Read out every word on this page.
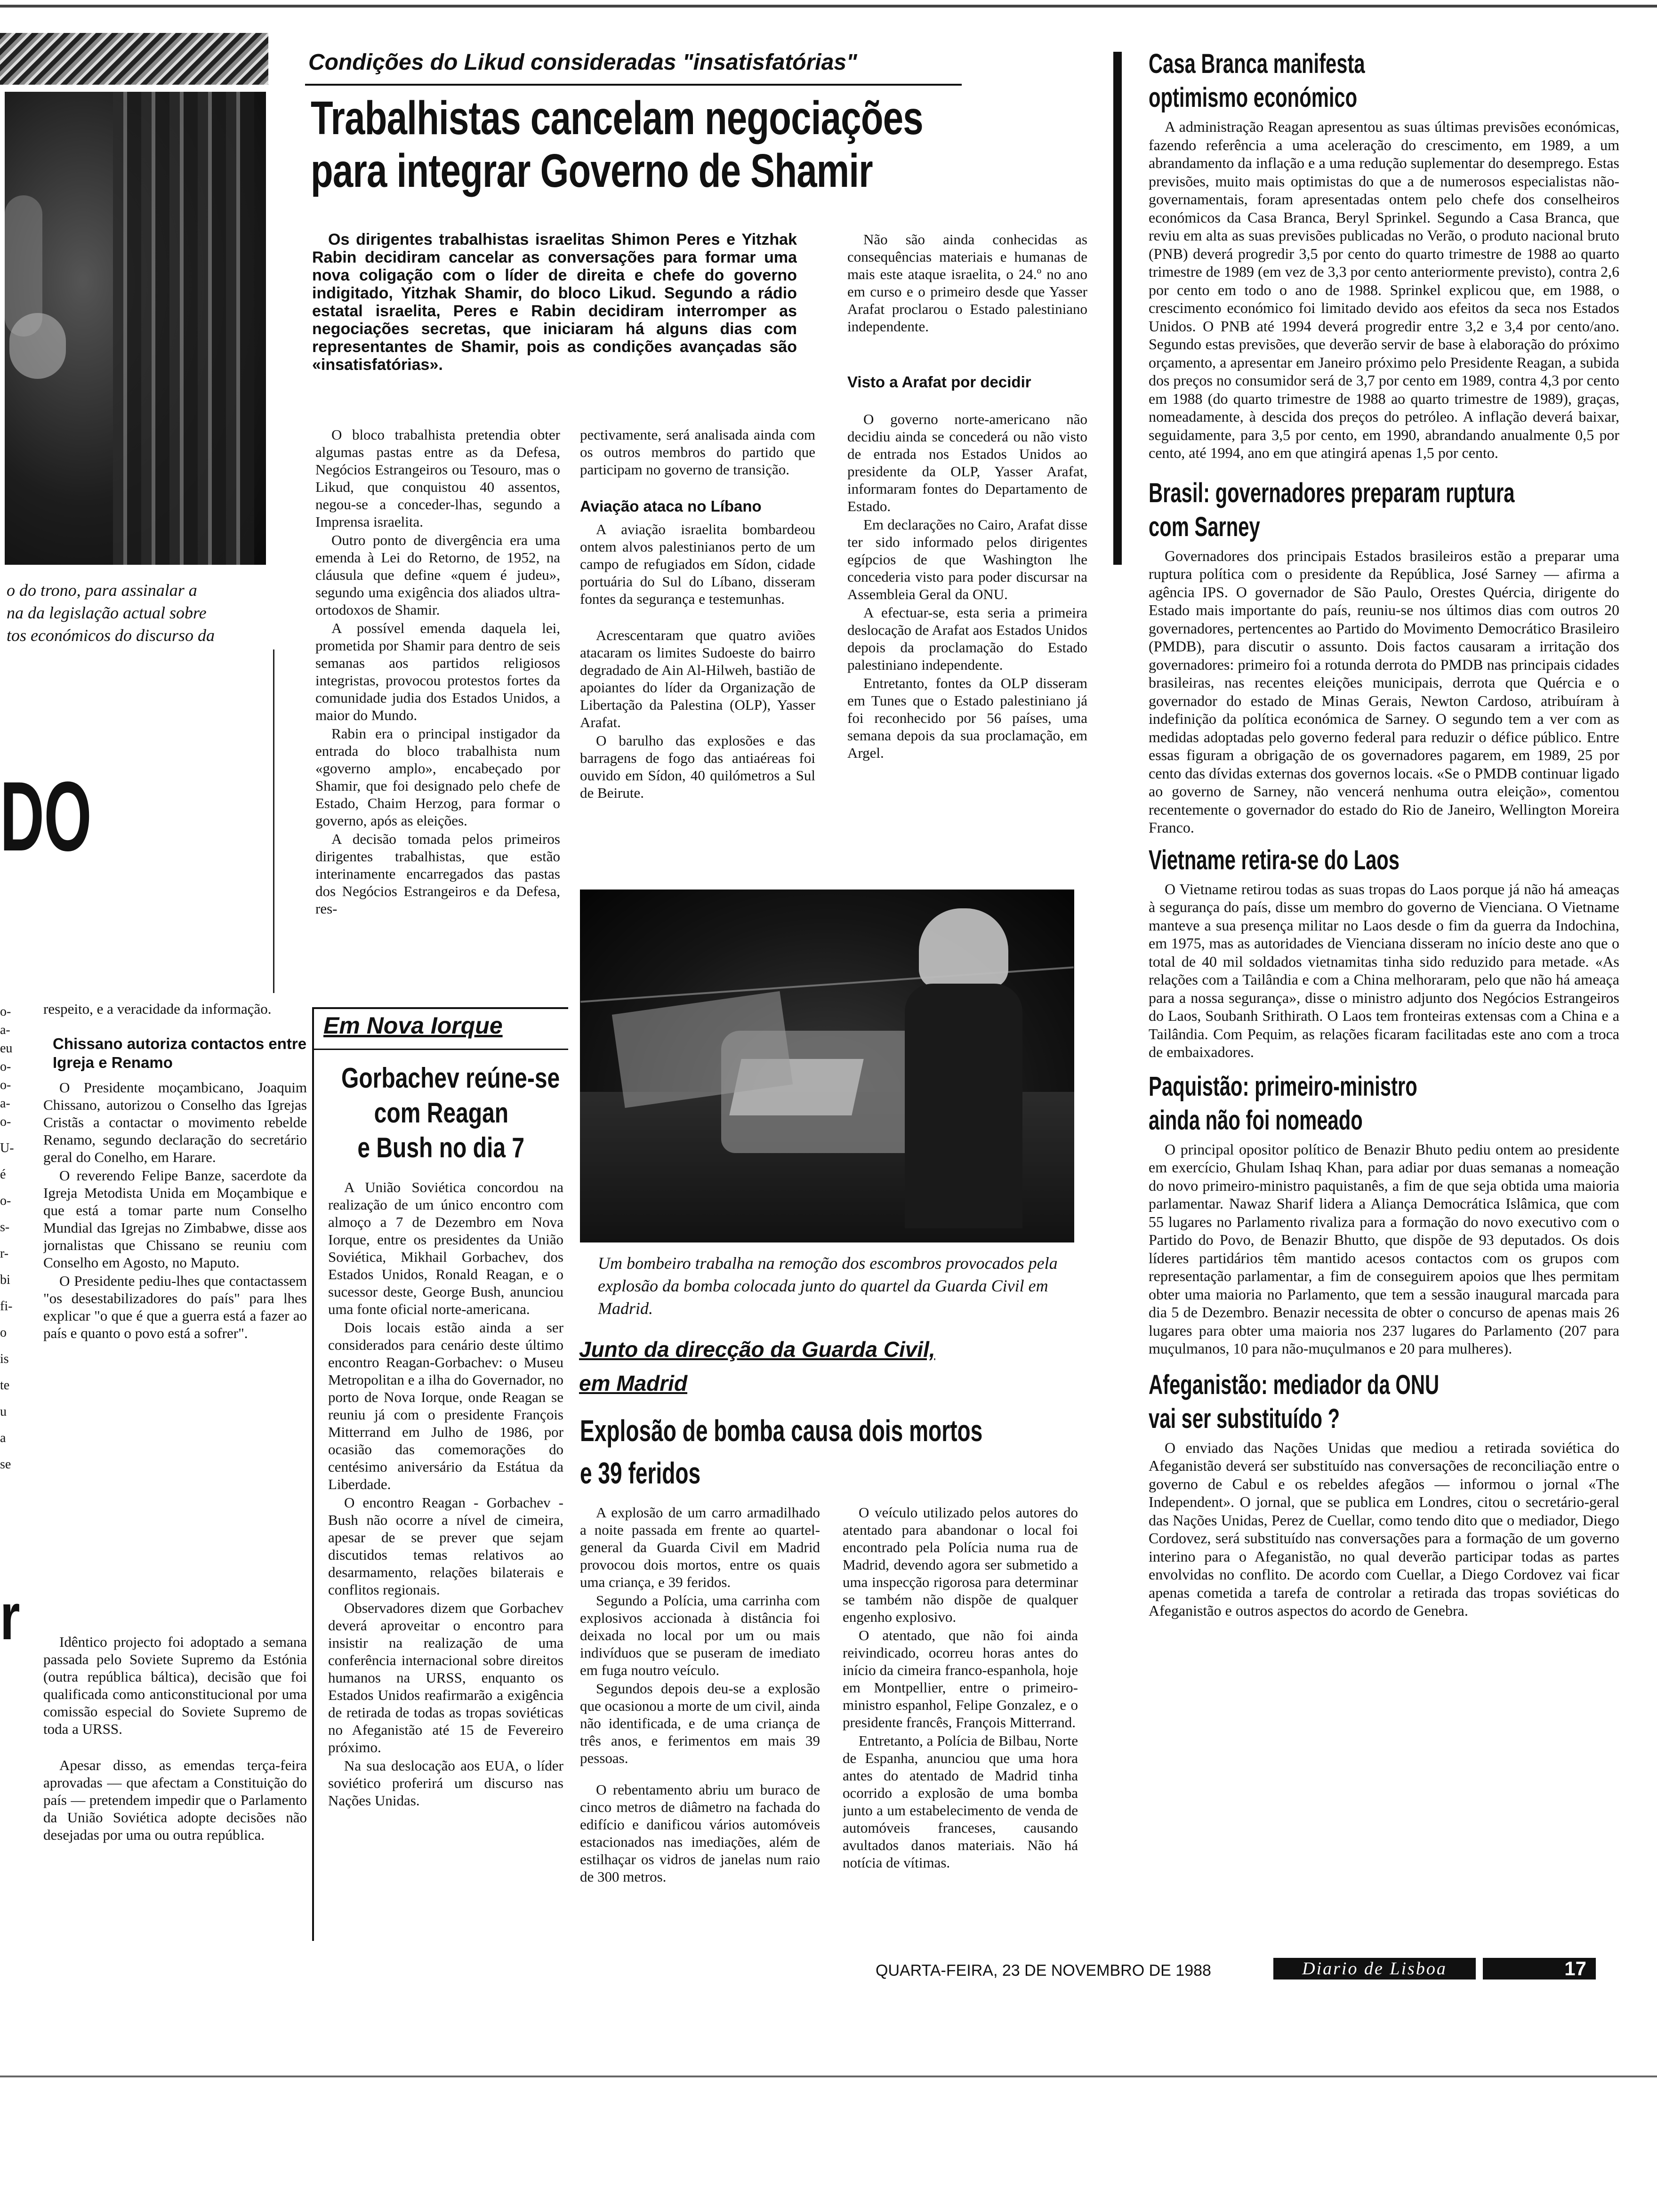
o do trono, para assinalar a
na da legislação actual sobre
tos económicos do discurso da
DO
r
o-
a-
eu
o-
o-
a-
o-
U-
é
o-
s-
r-
bi
fi-
o
is
te
u
a
se

respeito, e a veracidade da informação.

Chissano autoriza contactos entre Igreja e Renamo

O Presidente moçambicano, Joaquim Chissano, autorizou o Conselho das Igrejas Cristãs a contactar o movimento rebelde Renamo, segundo declaração do secretário geral do Conelho, em Harare.

O reverendo Felipe Banze, sacerdote da Igreja Metodista Unida em Moçambique e que está a tomar parte num Conselho Mundial das Igrejas no Zimbabwe, disse aos jornalistas que Chissano se reuniu com Conselho em Agosto, no Maputo.

O Presidente pediu-lhes que contactassem "os desestabilizadores do país" para lhes explicar "o que é que a guerra está a fazer ao país e quanto o povo está a sofrer".

Idêntico projecto foi adoptado a semana passada pelo Soviete Supremo da Estónia (outra república báltica), decisão que foi qualificada como anticonstitucional por uma comissão especial do Soviete Supremo de toda a URSS.

Apesar disso, as emendas terça-feira aprovadas — que afectam a Constituição do país — pretendem impedir que o Parlamento da União Soviética adopte decisões não desejadas por uma ou outra república.

Condições do Likud consideradas "insatisfatórias"
Trabalhistas cancelam negociações
para integrar Governo de Shamir

Os dirigentes trabalhistas israelitas Shimon Peres e Yitzhak Rabin decidiram cancelar as conversações para formar uma nova coligação com o líder de direita e chefe do governo indigitado, Yitzhak Shamir, do bloco Likud. Segundo a rádio estatal israelita, Peres e Rabin decidiram interromper as negociações secretas, que iniciaram há alguns dias com representantes de Shamir, pois as condições avançadas são «insatisfatórias».

O bloco trabalhista pretendia obter algumas pastas entre as da Defesa, Negócios Estrangeiros ou Tesouro, mas o Likud, que conquistou 40 assentos, negou-se a conceder-lhas, segundo a Imprensa israelita.

Outro ponto de divergência era uma emenda à Lei do Retorno, de 1952, na cláusula que define «quem é judeu», segundo uma exigência dos aliados ultra-ortodoxos de Shamir.

A possível emenda daquela lei, prometida por Shamir para dentro de seis semanas aos partidos religiosos integristas, provocou protestos fortes da comunidade judia dos Estados Unidos, a maior do Mundo.

Rabin era o principal instigador da entrada do bloco trabalhista num «governo amplo», encabeçado por Shamir, que foi designado pelo chefe de Estado, Chaim Herzog, para formar o governo, após as eleições.

A decisão tomada pelos primeiros dirigentes trabalhistas, que estão interinamente encarregados das pastas dos Negócios Estrangeiros e da Defesa, res-

pectivamente, será analisada ainda com os outros membros do partido que participam no governo de transição.

Aviação ataca no Líbano

A aviação israelita bombardeou ontem alvos palestinianos perto de um campo de refugiados em Sídon, cidade portuária do Sul do Líbano, disseram fontes da segurança e testemunhas.

Acrescentaram que quatro aviões atacaram os limites Sudoeste do bairro degradado de Ain Al-Hilweh, bastião de apoiantes do líder da Organização de Libertação da Palestina (OLP), Yasser Arafat.

O barulho das explosões e das barragens de fogo das antiaéreas foi ouvido em Sídon, 40 quilómetros a Sul de Beirute.

Não são ainda conhecidas as consequências materiais e humanas de mais este ataque israelita, o 24.º no ano em curso e o primeiro desde que Yasser Arafat proclarou o Estado palestiniano independente.

Visto a Arafat por decidir

O governo norte-americano não decidiu ainda se concederá ou não visto de entrada nos Estados Unidos ao presidente da OLP, Yasser Arafat, informaram fontes do Departamento de Estado.

Em declarações no Cairo, Arafat disse ter sido informado pelos dirigentes egípcios de que Washington lhe concederia visto para poder discursar na Assembleia Geral da ONU.

A efectuar-se, esta seria a primeira deslocação de Arafat aos Estados Unidos depois da proclamação do Estado palestiniano independente.

Entretanto, fontes da OLP disseram em Tunes que o Estado palestiniano já foi reconhecido por 56 países, uma semana depois da sua proclamação, em Argel.

Em Nova Iorque
Gorbachev reúne-se
com Reagan
e Bush no dia 7

A União Soviética concordou na realização de um único encontro com almoço a 7 de Dezembro em Nova Iorque, entre os presidentes da União Soviética, Mikhail Gorbachev, dos Estados Unidos, Ronald Reagan, e o sucessor deste, George Bush, anunciou uma fonte oficial norte-americana.

Dois locais estão ainda a ser considerados para cenário deste último encontro Reagan-Gorbachev: o Museu Metropolitan e a ilha do Governador, no porto de Nova Iorque, onde Reagan se reuniu já com o presidente François Mitterrand em Julho de 1986, por ocasião das comemorações do centésimo aniversário da Estátua da Liberdade.

O encontro Reagan - Gorbachev - Bush não ocorre a nível de cimeira, apesar de se prever que sejam discutidos temas relativos ao desarmamento, relações bilaterais e conflitos regionais.

Observadores dizem que Gorbachev deverá aproveitar o encontro para insistir na realização de uma conferência internacional sobre direitos humanos na URSS, enquanto os Estados Unidos reafirmarão a exigência de retirada de todas as tropas soviéticas no Afeganistão até 15 de Fevereiro próximo.

Na sua deslocação aos EUA, o líder soviético proferirá um discurso nas Nações Unidas.

Um bombeiro trabalha na remoção dos escombros provocados pela explosão da bomba colocada junto do quartel da Guarda Civil em Madrid.

Junto da direcção da Guarda Civil,
em Madrid
Explosão de bomba causa dois mortos
e 39 feridos

A explosão de um carro armadilhado a noite passada em frente ao quartel-general da Guarda Civil em Madrid provocou dois mortos, entre os quais uma criança, e 39 feridos.

Segundo a Polícia, uma carrinha com explosivos accionada à distância foi deixada no local por um ou mais indivíduos que se puseram de imediato em fuga noutro veículo.

Segundos depois deu-se a explosão que ocasionou a morte de um civil, ainda não identificada, e de uma criança de três anos, e ferimentos em mais 39 pessoas.

O rebentamento abriu um buraco de cinco metros de diâmetro na fachada do edifício e danificou vários automóveis estacionados nas imediações, além de estilhaçar os vidros de janelas num raio de 300 metros.

O veículo utilizado pelos autores do atentado para abandonar o local foi encontrado pela Polícia numa rua de Madrid, devendo agora ser submetido a uma inspecção rigorosa para determinar se também não dispõe de qualquer engenho explosivo.

O atentado, que não foi ainda reivindicado, ocorreu horas antes do início da cimeira franco-espanhola, hoje em Montpellier, entre o primeiro-ministro espanhol, Felipe Gonzalez, e o presidente francês, François Mitterrand.

Entretanto, a Polícia de Bilbau, Norte de Espanha, anunciou que uma hora antes do atentado de Madrid tinha ocorrido a explosão de uma bomba junto a um estabelecimento de venda de automóveis franceses, causando avultados danos materiais. Não há notícia de vítimas.

Casa Branca manifesta
optimismo económico

A administração Reagan apresentou as suas últimas previsões económicas, fazendo referência a uma aceleração do crescimento, em 1989, a um abrandamento da inflação e a uma redução suplementar do desemprego. Estas previsões, muito mais optimistas do que a de numerosos especialistas não-governamentais, foram apresentadas ontem pelo chefe dos conselheiros económicos da Casa Branca, Beryl Sprinkel. Segundo a Casa Branca, que reviu em alta as suas previsões publicadas no Verão, o produto nacional bruto (PNB) deverá progredir 3,5 por cento do quarto trimestre de 1988 ao quarto trimestre de 1989 (em vez de 3,3 por cento anteriormente previsto), contra 2,6 por cento em todo o ano de 1988. Sprinkel explicou que, em 1988, o crescimento económico foi limitado devido aos efeitos da seca nos Estados Unidos. O PNB até 1994 deverá progredir entre 3,2 e 3,4 por cento/ano. Segundo estas previsões, que deverão servir de base à elaboração do próximo orçamento, a apresentar em Janeiro próximo pelo Presidente Reagan, a subida dos preços no consumidor será de 3,7 por cento em 1989, contra 4,3 por cento em 1988 (do quarto trimestre de 1988 ao quarto trimestre de 1989), graças, nomeadamente, à descida dos preços do petróleo. A inflação deverá baixar, seguidamente, para 3,5 por cento, em 1990, abrandando anualmente 0,5 por cento, até 1994, ano em que atingirá apenas 1,5 por cento.

Brasil: governadores preparam ruptura
com Sarney

Governadores dos principais Estados brasileiros estão a preparar uma ruptura política com o presidente da República, José Sarney — afirma a agência IPS. O governador de São Paulo, Orestes Quércia, dirigente do Estado mais importante do país, reuniu-se nos últimos dias com outros 20 governadores, pertencentes ao Partido do Movimento Democrático Brasileiro (PMDB), para discutir o assunto. Dois factos causaram a irritação dos governadores: primeiro foi a rotunda derrota do PMDB nas principais cidades brasileiras, nas recentes eleições municipais, derrota que Quércia e o governador do estado de Minas Gerais, Newton Cardoso, atribuíram à indefinição da política económica de Sarney. O segundo tem a ver com as medidas adoptadas pelo governo federal para reduzir o défice público. Entre essas figuram a obrigação de os governadores pagarem, em 1989, 25 por cento das dívidas externas dos governos locais. «Se o PMDB continuar ligado ao governo de Sarney, não vencerá nenhuma outra eleição», comentou recentemente o governador do estado do Rio de Janeiro, Wellington Moreira Franco.

Vietname retira-se do Laos

O Vietname retirou todas as suas tropas do Laos porque já não há ameaças à segurança do país, disse um membro do governo de Vienciana. O Vietname manteve a sua presença militar no Laos desde o fim da guerra da Indochina, em 1975, mas as autoridades de Vienciana disseram no início deste ano que o total de 40 mil soldados vietnamitas tinha sido reduzido para metade. «As relações com a Tailândia e com a China melhoraram, pelo que não há ameaça para a nossa segurança», disse o ministro adjunto dos Negócios Estrangeiros do Laos, Soubanh Srithirath. O Laos tem fronteiras extensas com a China e a Tailândia. Com Pequim, as relações ficaram facilitadas este ano com a troca de embaixadores.

Paquistão: primeiro-ministro
ainda não foi nomeado

O principal opositor político de Benazir Bhuto pediu ontem ao presidente em exercício, Ghulam Ishaq Khan, para adiar por duas semanas a nomeação do novo primeiro-ministro paquistanês, a fim de que seja obtida uma maioria parlamentar. Nawaz Sharif lidera a Aliança Democrática Islâmica, que com 55 lugares no Parlamento rivaliza para a formação do novo executivo com o Partido do Povo, de Benazir Bhutto, que dispõe de 93 deputados. Os dois líderes partidários têm mantido acesos contactos com os grupos com representação parlamentar, a fim de conseguirem apoios que lhes permitam obter uma maioria no Parlamento, que tem a sessão inaugural marcada para dia 5 de Dezembro. Benazir necessita de obter o concurso de apenas mais 26 lugares para obter uma maioria nos 237 lugares do Parlamento (207 para muçulmanos, 10 para não-muçulmanos e 20 para mulheres).

Afeganistão: mediador da ONU
vai ser substituído ?

O enviado das Nações Unidas que mediou a retirada soviética do Afeganistão deverá ser substituído nas conversações de reconciliação entre o governo de Cabul e os rebeldes afegãos — informou o jornal «The Independent». O jornal, que se publica em Londres, citou o secretário-geral das Nações Unidas, Perez de Cuellar, como tendo dito que o mediador, Diego Cordovez, será substituído nas conversações para a formação de um governo interino para o Afeganistão, no qual deverão participar todas as partes envolvidas no conflito. De acordo com Cuellar, a Diego Cordovez vai ficar apenas cometida a tarefa de controlar a retirada das tropas soviéticas do Afeganistão e outros aspectos do acordo de Genebra.

QUARTA-FEIRA, 23 DE NOVEMBRO DE 1988	Diario de Lisboa	17
